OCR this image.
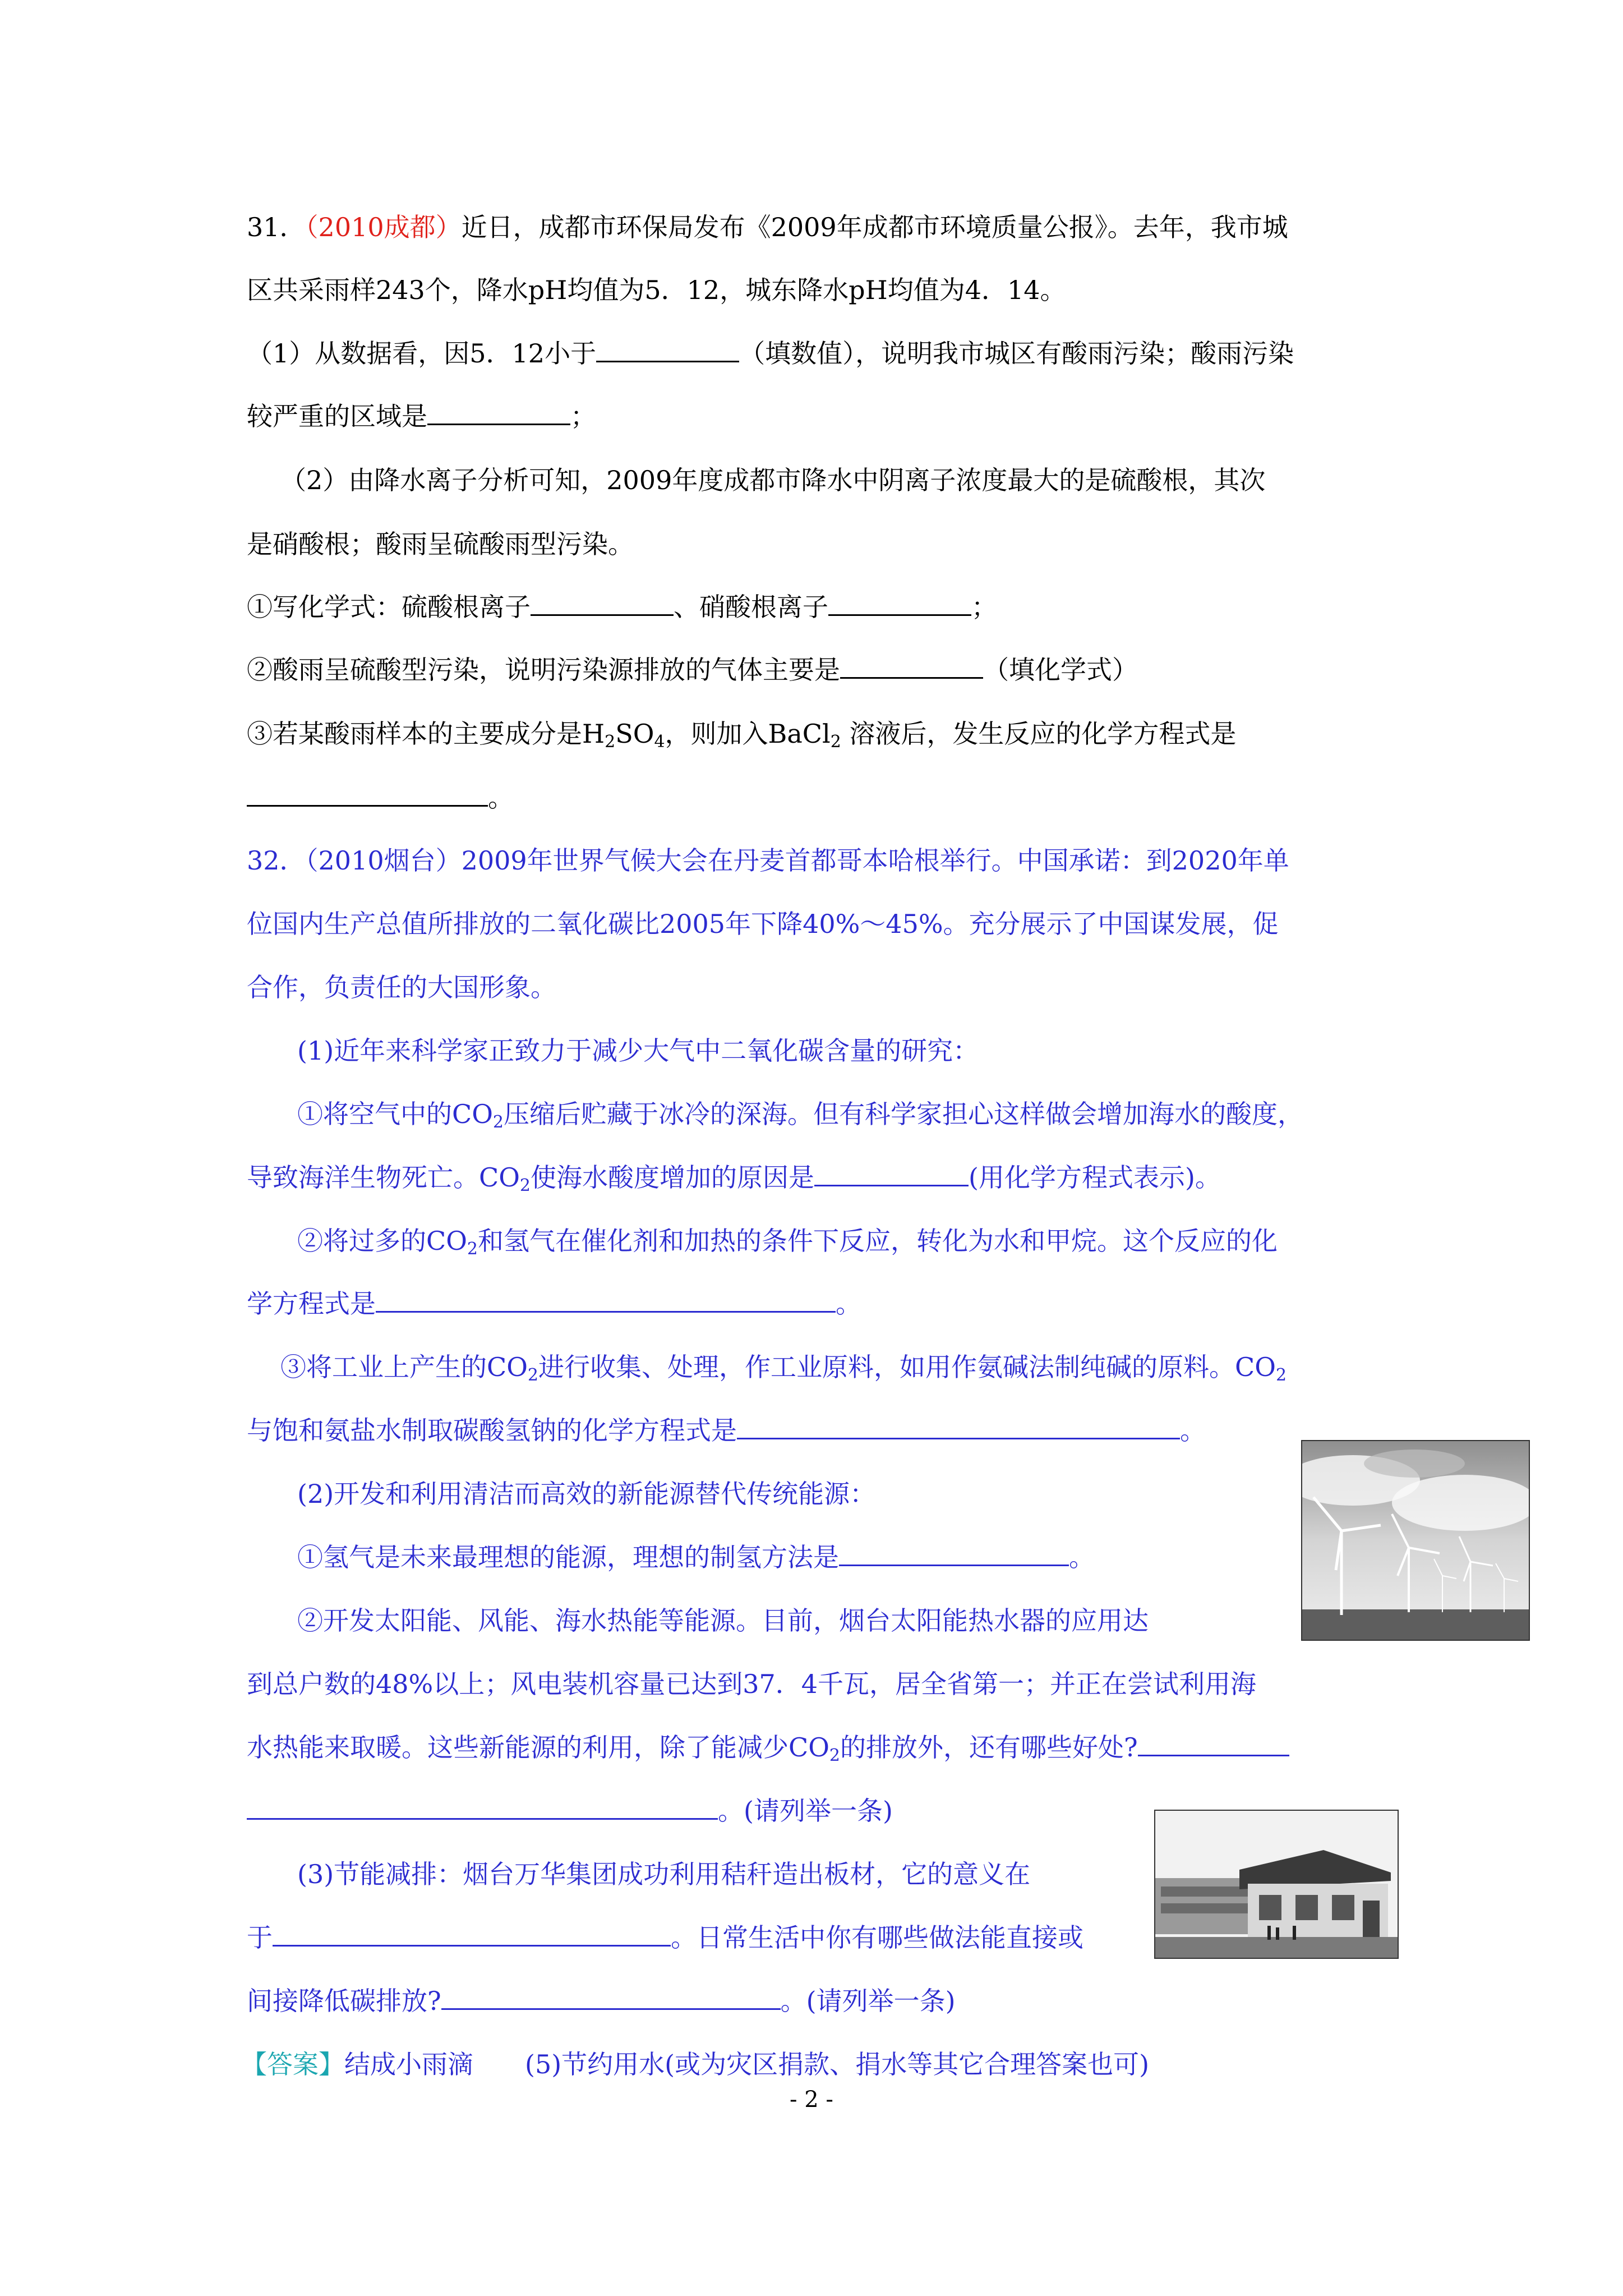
31．（2010成都）近日，成都市环保局发布《2009年成都市环境质量公报》。去年，我市城
区共采雨样243个，降水pH均值为5．12，城东降水pH均值为4．14。
（1）从数据看，因5．12小于	（填数值），说明我市城区有酸雨污染；酸雨污染
较严重的区域是	；
（2）由降水离子分析可知，2009年度成都市降水中阴离子浓度最大的是硫酸根，其次
是硝酸根；酸雨呈硫酸雨型污染。
①写化学式：硫酸根离子	、硝酸根离子	；
②酸雨呈硫酸型污染，说明污染源排放的气体主要是	（填化学式）
③若某酸雨样本的主要成分是$H_2SO_4$，则加入BaCl$_2$ 溶液后，发生反应的化学方程式是
。
32．（2010烟台）2009年世界气候大会在丹麦首都哥本哈根举行。中国承诺：到2020年单
位国内生产总值所排放的二氧化碳比2005年下降40%～45%。充分展示了中国谋发展，促
合作，负责任的大国形象。
(1)近年来科学家正致力于减少大气中二氧化碳含量的研究：
①将空气中的$CO_2$压缩后贮藏于冰冷的深海。但有科学家担心这样做会增加海水的酸度，
导致海洋生物死亡。$CO_2$使海水酸度增加的原因是	(用化学方程式表示)。
②将过多的$CO_2$和氢气在催化剂和加热的条件下反应，转化为水和甲烷。这个反应的化
学方程式是	。
③将工业上产生的$CO_2$进行收集、处理，作工业原料，如用作氨碱法制纯碱的原料。$CO_2$
与饱和氨盐水制取碳酸氢钠的化学方程式是	。
(2)开发和利用清洁而高效的新能源替代传统能源：
①氢气是未来最理想的能源，理想的制氢方法是	。
②开发太阳能、风能、海水热能等能源。目前，烟台太阳能热水器的应用达
到总户数的48%以上；风电装机容量已达到37．4千瓦，居全省第一；并正在尝试利用海
水热能来取暖。这些新能源的利用，除了能减少$CO_2$的排放外，还有哪些好处?
。(请列举一条)
(3)节能减排：烟台万华集团成功利用秸秆造出板材，它的意义在
于	。日常生活中你有哪些做法能直接或
间接降低碳排放?	。(请列举一条)
【答案】结成小雨滴　　(5)节约用水(或为灾区捐款、捐水等其它合理答案也可)
- 2 -
